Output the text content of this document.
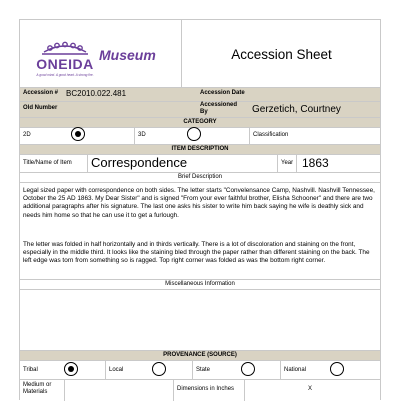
ONEIDA
A good mind. A good heart. A strong fire.
Museum	Accession Sheet
Accession # BC2010.022.481	Accession Date
Old Number	Accessioned By	Gerzetich, Courtney
CATEGORY
2D	3D	Classification
ITEM DESCRIPTION
Title/Name of Item Correspondence	Year 1863
Brief Description
Legal sized paper with correspondence on both sides. The letter starts "Convelensance Camp, Nashvill. Nashvill Tennessee, October the 25 AD 1863. My Dear Sister" and is signed "From your ever faithful brother, Elisha Schooner" and there are two additional paragraphs after his signature. The last one asks his sister to write him back saying he wife is deathly sick and needs him home so that he can use it to get a furlough.
The letter was folded in half horizontally and in thirds vertically. There is a lot of discoloration and staining on the front, especially in the middle third. It looks like the staining bled through the paper rather than different staining on the back. The left edge was torn from something so is ragged. Top right corner was folded as was the bottom right corner.
Miscellaneous Information
PROVENANCE (SOURCE)
Tribal	Local	State	National
Medium or Materials	Dimensions in Inches	X
